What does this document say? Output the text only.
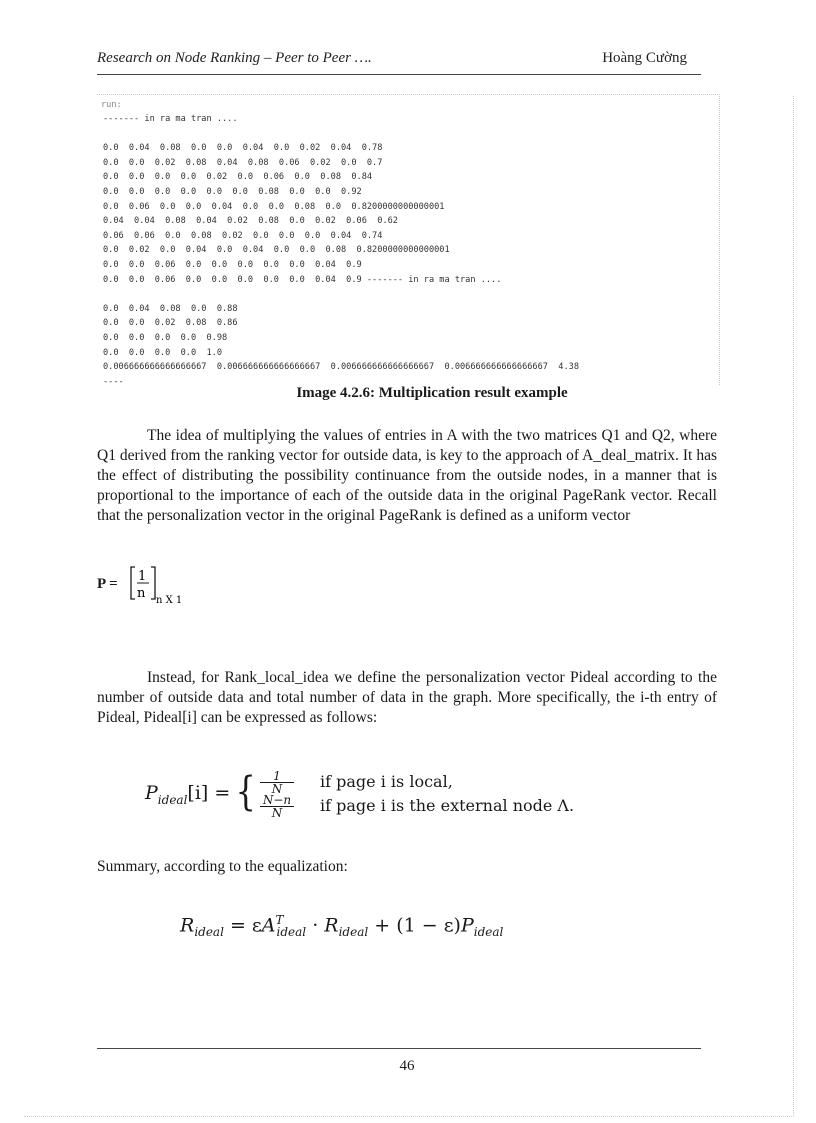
Research on Node Ranking – Peer to Peer ….	Hoàng Cường

run:

------- in ra ma tran ....

0.0  0.04  0.08  0.0  0.0  0.04  0.0  0.02  0.04  0.78
0.0  0.0  0.02  0.08  0.04  0.08  0.06  0.02  0.0  0.7
0.0  0.0  0.0  0.0  0.02  0.0  0.06  0.0  0.08  0.84
0.0  0.0  0.0  0.0  0.0  0.0  0.08  0.0  0.0  0.92
0.0  0.06  0.0  0.0  0.04  0.0  0.0  0.08  0.0  0.8200000000000001
0.04  0.04  0.08  0.04  0.02  0.08  0.0  0.02  0.06  0.62
0.06  0.06  0.0  0.08  0.02  0.0  0.0  0.0  0.04  0.74
0.0  0.02  0.0  0.04  0.0  0.04  0.0  0.0  0.08  0.8200000000000001
0.0  0.0  0.06  0.0  0.0  0.0  0.0  0.0  0.04  0.9
0.0  0.0  0.06  0.0  0.0  0.0  0.0  0.0  0.04  0.9 ------- in ra ma tran ....

0.0  0.04  0.08  0.0  0.88
0.0  0.0  0.02  0.08  0.86
0.0  0.0  0.0  0.0  0.98
0.0  0.0  0.0  0.0  1.0
0.006666666666666667  0.006666666666666667  0.006666666666666667  0.006666666666666667  4.38
----

Image 4.2.6: Multiplication result example
The idea of multiplying the values of entries in A with the two matrices Q1 and Q2, where Q1 derived from the ranking vector for outside data, is key to the approach of A_deal_matrix. It has the effect of distributing the possibility continuance from the outside nodes, in a manner that is proportional to the importance of each of the outside data in the original PageRank vector. Recall that the personalization vector in the original PageRank is defined as a uniform vector
P = 1
n n X 1
Instead, for Rank_local_idea we define the personalization vector Pideal according to the number of outside data and total number of data in the graph. More specifically, the i-th entry of Pideal, Pideal[i] can be expressed as follows:
$P_{ideal}[i]$ = { $\frac{1}{N}$
$\frac{N-n}{N}$
if page i is local,
if page i is the external node Λ.
Summary, according to the equalization:
$R_{ideal} = \varepsilon A^T_{ideal} \cdot R_{ideal} + (1 - \varepsilon)P_{ideal}$
46
